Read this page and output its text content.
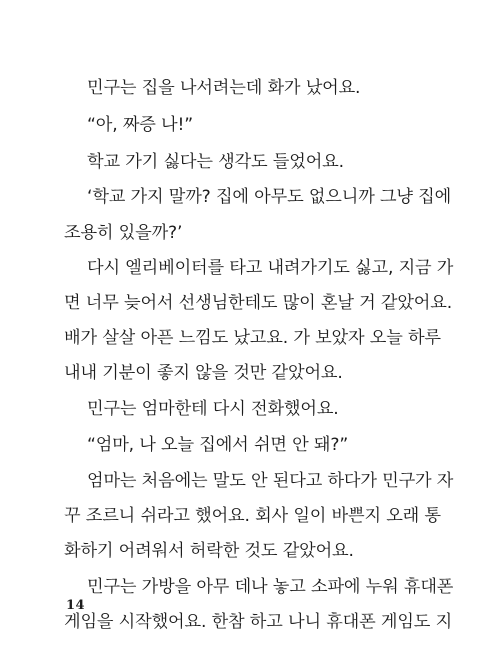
민구는 집을 나서려는데 화가 났어요.
“아, 짜증 나!”
학교 가기 싫다는 생각도 들었어요.
‘학교 가지 말까? 집에 아무도 없으니까 그냥 집에
조용히 있을까?’
다시 엘리베이터를 타고 내려가기도 싫고, 지금 가
면 너무 늦어서 선생님한테도 많이 혼날 거 같았어요.
배가 살살 아픈 느낌도 났고요. 가 보았자 오늘 하루
내내 기분이 좋지 않을 것만 같았어요.
민구는 엄마한테 다시 전화했어요.
“엄마, 나 오늘 집에서 쉬면 안 돼?”
엄마는 처음에는 말도 안 된다고 하다가 민구가 자
꾸 조르니 쉬라고 했어요. 회사 일이 바쁜지 오래 통
화하기 어려워서 허락한 것도 같았어요.
민구는 가방을 아무 데나 놓고 소파에 누워 휴대폰
게임을 시작했어요. 한참 하고 나니 휴대폰 게임도 지
14
